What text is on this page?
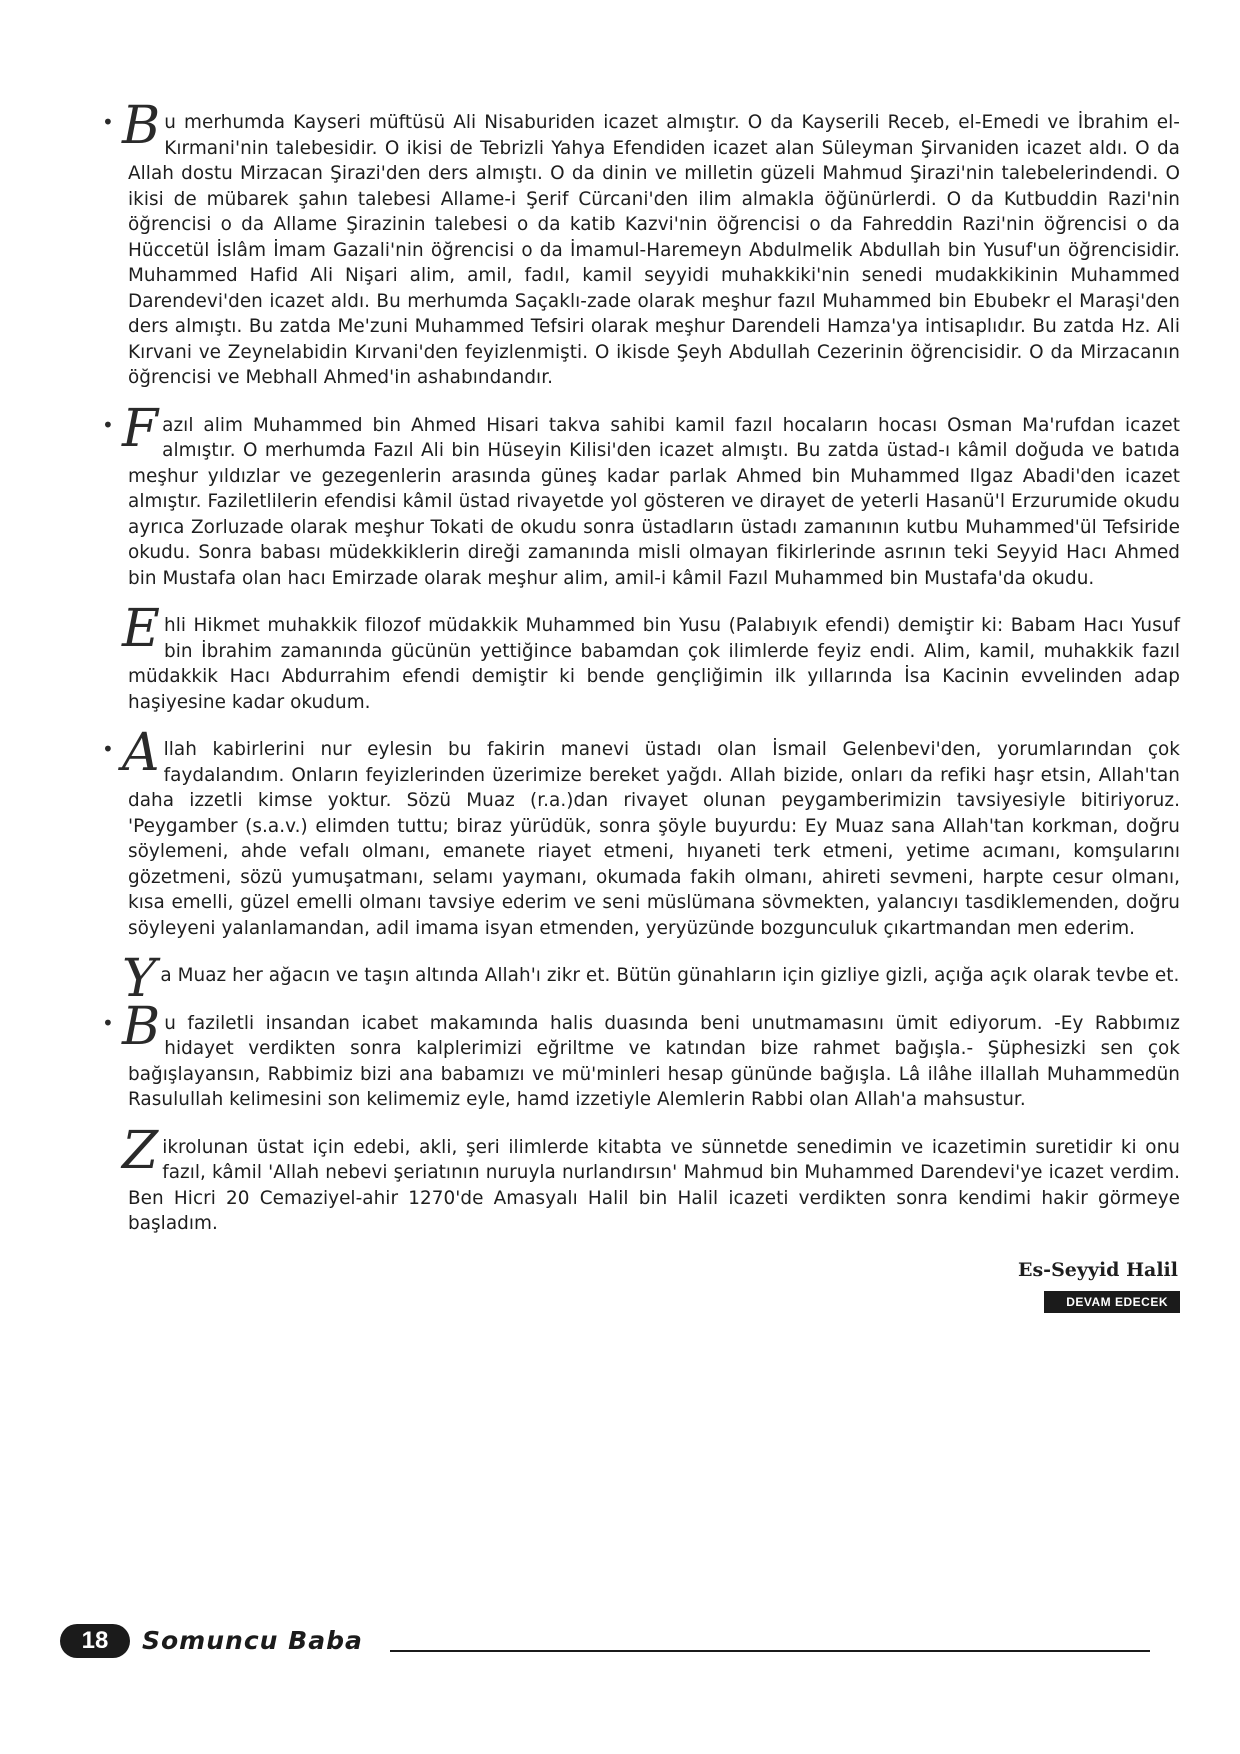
• B u merhumda Kayseri müftüsü Ali Nisaburiden icazet almıştır. O da Kayserili Receb, el-Emedi ve İbrahim el-Kırmani'nin talebesidir. O ikisi de Tebrizli Yahya Efendiden icazet alan Süleyman Şirvaniden icazet aldı. O da Allah dostu Mirzacan Şirazi'den ders almıştı. O da dinin ve milletin güzeli Mahmud Şirazi'nin talebelerindendi. O ikisi de mübarek şahın talebesi Allame-i Şerif Cürcani'den ilim almakla öğünürlerdi. O da Kutbuddin Razi'nin öğrencisi o da Allame Şirazinin talebesi o da katib Kazvi'nin öğrencisi o da Fahreddin Razi'nin öğrencisi o da Hüccetül İslâm İmam Gazali'nin öğrencisi o da İmamul-Haremeyn Abdulmelik Abdullah bin Yusuf'un öğrencisidir. Muhammed Hafid Ali Nişari alim, amil, fadıl, kamil seyyidi muhakkiki'nin senedi mudakkikinin Muhammed Darendevi'den icazet aldı. Bu merhumda Saçaklı-zade olarak meşhur fazıl Muhammed bin Ebubekr el Maraşi'den ders almıştı. Bu zatda Me'zuni Muhammed Tefsiri olarak meşhur Darendeli Hamza'ya intisaplıdır. Bu zatda Hz. Ali Kırvani ve Zeynelabidin Kırvani'den feyizlenmişti. O ikisde Şeyh Abdullah Cezerinin öğrencisidir. O da Mirzacanın öğrencisi ve Mebhall Ahmed'in ashabındandır.

• F azıl alim Muhammed bin Ahmed Hisari takva sahibi kamil fazıl hocaların hocası Osman Ma'rufdan icazet almıştır. O merhumda Fazıl Ali bin Hüseyin Kilisi'den icazet almıştı. Bu zatda üstad-ı kâmil doğuda ve batıda meşhur yıldızlar ve gezegenlerin arasında güneş kadar parlak Ahmed bin Muhammed Ilgaz Abadi'den icazet almıştır. Faziletlilerin efendisi kâmil üstad rivayetde yol gösteren ve dirayet de yeterli Hasanü'l Erzurumide okudu ayrıca Zorluzade olarak meşhur Tokati de okudu sonra üstadların üstadı zamanının kutbu Muhammed'ül Tefsiride okudu. Sonra babası müdekkiklerin direği zamanında misli olmayan fikirlerinde asrının teki Seyyid Hacı Ahmed bin Mustafa olan hacı Emirzade olarak meşhur alim, amil-i kâmil Fazıl Muhammed bin Mustafa'da okudu.

Ehli Hikmet muhakkik filozof müdakkik Muhammed bin Yusu (Palabıyık efendi) demiştir ki: Babam Hacı Yusuf bin İbrahim zamanında gücünün yettiğince babamdan çok ilimlerde feyiz endi. Alim, kamil, muhakkik fazıl müdakkik Hacı Abdurrahim efendi demiştir ki bende gençliğimin ilk yıllarında İsa Kacinin evvelinden adap haşiyesine kadar okudum.

• A llah kabirlerini nur eylesin bu fakirin manevi üstadı olan İsmail Gelenbevi'den, yorumlarından çok faydalandım. Onların feyizlerinden üzerimize bereket yağdı. Allah bizide, onları da refiki haşr etsin, Allah'tan daha izzetli kimse yoktur. Sözü Muaz (r.a.)dan rivayet olunan peygamberimizin tavsiyesiyle bitiriyoruz. 'Peygamber (s.a.v.) elimden tuttu; biraz yürüdük, sonra şöyle buyurdu: Ey Muaz sana Allah'tan korkman, doğru söylemeni, ahde vefalı olmanı, emanete riayet etmeni, hıyaneti terk etmeni, yetime acımanı, komşularını gözetmeni, sözü yumuşatmanı, selamı yaymanı, okumada fakih olmanı, ahireti sevmeni, harpte cesur olmanı, kısa emelli, güzel emelli olmanı tavsiye ederim ve seni müslümana sövmekten, yalancıyı tasdiklemenden, doğru söyleyeni yalanlamandan, adil imama isyan etmenden, yeryüzünde bozgunculuk çıkartmandan men ederim.

Ya Muaz her ağacın ve taşın altında Allah'ı zikr et. Bütün günahların için gizliye gizli, açığa açık olarak tevbe et.

• B u faziletli insandan icabet makamında halis duasında beni unutmamasını ümit ediyorum. -Ey Rabbımız hidayet verdikten sonra kalplerimizi eğriltme ve katından bize rahmet bağışla.- Şüphesizki sen çok bağışlayansın, Rabbimiz bizi ana babamızı ve mü'minleri hesap gününde bağışla. Lâ ilâhe illallah Muhammedün Rasulullah kelimesini son kelimemiz eyle, hamd izzetiyle Alemlerin Rabbi olan Allah'a mahsustur.

Zikrolunan üstat için edebi, akli, şeri ilimlerde kitabta ve sünnetde senedimin ve icazetimin suretidir ki onu fazıl, kâmil 'Allah nebevi şeriatının nuruyla nurlandırsın' Mahmud bin Muhammed Darendevi'ye icazet verdim. Ben Hicri 20 Cemaziyel-ahir 1270'de Amasyalı Halil bin Halil icazeti verdikten sonra kendimi hakir görmeye başladım.

Es-Seyyid Halil
DEVAM EDECEK
18	Somuncu Baba
